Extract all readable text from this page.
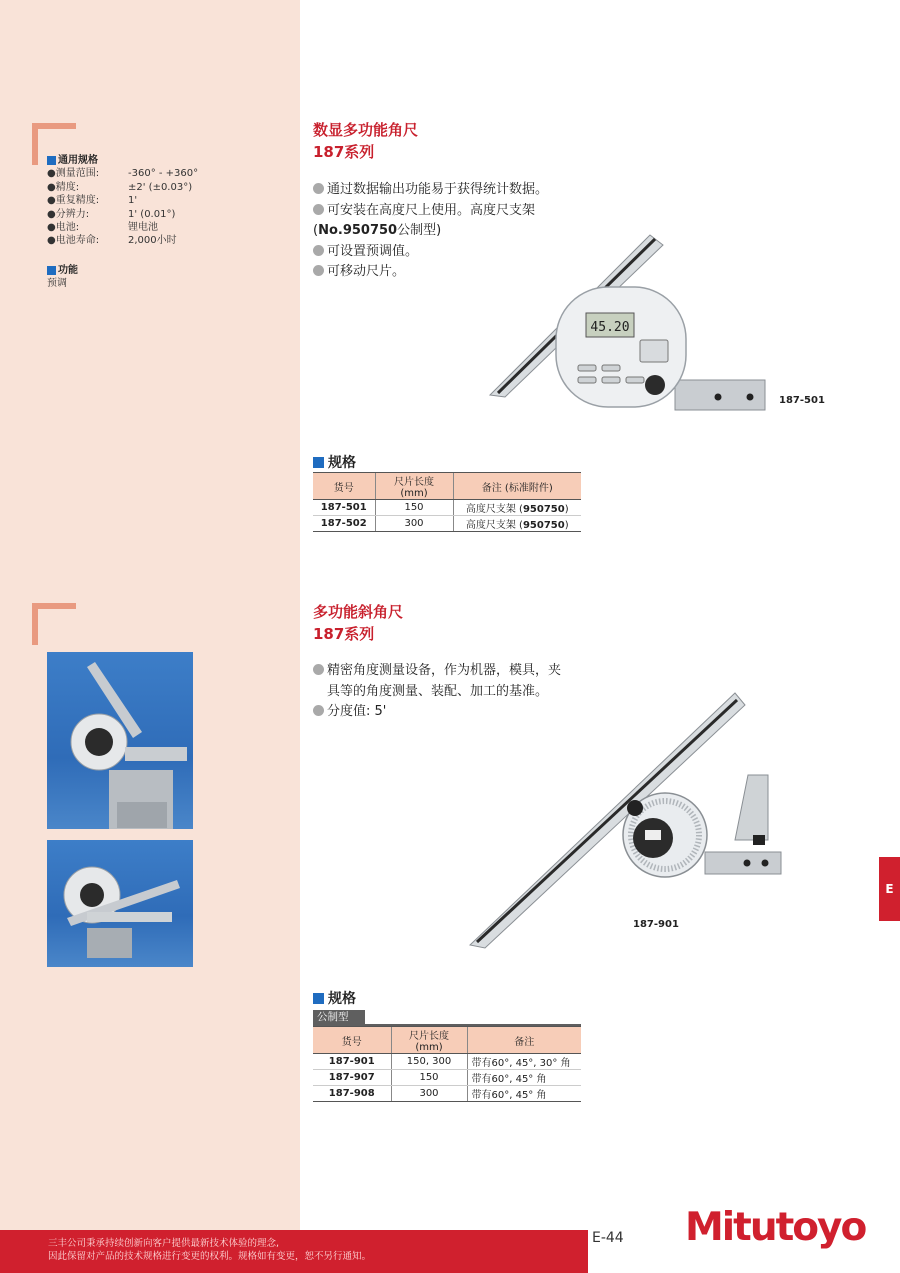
通用规格
●测量范围:	-360° - +360°
●精度:	±2' (±0.03°)
●重复精度:	1'
●分辨力:	1' (0.01°)
●电池:	锂电池
●电池寿命:	2,000小时
功能
预调
数显多功能角尺
187系列
通过数据输出功能易于获得统计数据。
可安装在高度尺上使用。高度尺支架
(No.950750公制型)
可设置预调值。
可移动尺片。
45.20
187-501
规格
货号	尺片长度 (mm)	备注 (标准附件)
187-501	150	高度尺支架 (950750)
187-502	300	高度尺支架 (950750)
多功能斜角尺
187系列
精密角度测量设备，作为机器，模具，夹
具等的角度测量、装配、加工的基准。
分度值: 5'
187-901
规格
公制型
货号	尺片长度 (mm)	备注
187-901	150, 300	带有60°, 45°, 30° 角
187-907	150	带有60°, 45° 角
187-908	300	带有60°, 45° 角
E
三丰公司秉承持续创新向客户提供最新技术体验的理念,
因此保留对产品的技术规格进行变更的权利。规格如有变更，恕不另行通知。
E-44 Mitutoyo
